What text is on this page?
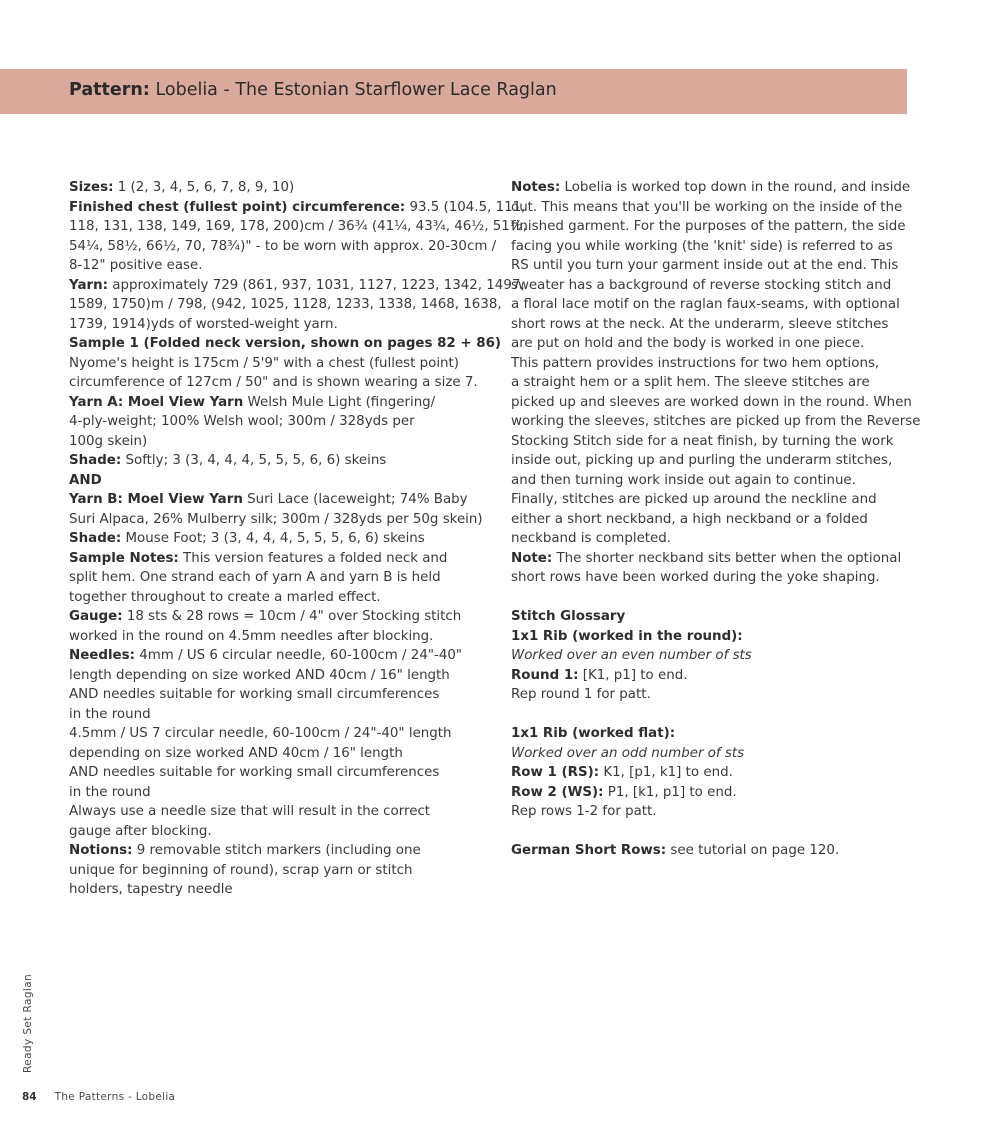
Pattern: Lobelia - The Estonian Starflower Lace Raglan
Sizes: 1 (2, 3, 4, 5, 6, 7, 8, 9, 10)
Finished chest (fullest point) circumference: 93.5 (104.5, 111,
118, 131, 138, 149, 169, 178, 200)cm / 36¾ (41¼, 43¾, 46½, 51½,
54¼, 58½, 66½, 70, 78¾)" - to be worn with approx. 20-30cm /
8-12" positive ease.
Yarn: approximately 729 (861, 937, 1031, 1127, 1223, 1342, 1497,
1589, 1750)m / 798, (942, 1025, 1128, 1233, 1338, 1468, 1638,
1739, 1914)yds of worsted-weight yarn.
Sample 1 (Folded neck version, shown on pages 82 + 86)
Nyome's height is 175cm / 5'9" with a chest (fullest point)
circumference of 127cm / 50" and is shown wearing a size 7.
Yarn A: Moel View Yarn Welsh Mule Light (fingering/
4-ply-weight; 100% Welsh wool; 300m / 328yds per
100g skein)
Shade: Softly; 3 (3, 4, 4, 4, 5, 5, 5, 6, 6) skeins
AND
Yarn B: Moel View Yarn Suri Lace (laceweight; 74% Baby
Suri Alpaca, 26% Mulberry silk; 300m / 328yds per 50g skein)
Shade: Mouse Foot; 3 (3, 4, 4, 4, 5, 5, 5, 6, 6) skeins
Sample Notes: This version features a folded neck and
split hem. One strand each of yarn A and yarn B is held
together throughout to create a marled effect.
Gauge: 18 sts & 28 rows = 10cm / 4" over Stocking stitch
worked in the round on 4.5mm needles after blocking.
Needles: 4mm / US 6 circular needle, 60-100cm / 24"-40"
length depending on size worked AND 40cm / 16" length
AND needles suitable for working small circumferences
in the round
4.5mm / US 7 circular needle, 60-100cm / 24"-40" length
depending on size worked AND 40cm / 16" length
AND needles suitable for working small circumferences
in the round
Always use a needle size that will result in the correct
gauge after blocking.
Notions: 9 removable stitch markers (including one
unique for beginning of round), scrap yarn or stitch
holders, tapestry needle
Notes: Lobelia is worked top down in the round, and inside
out. This means that you'll be working on the inside of the
finished garment. For the purposes of the pattern, the side
facing you while working (the 'knit' side) is referred to as
RS until you turn your garment inside out at the end. This
sweater has a background of reverse stocking stitch and
a floral lace motif on the raglan faux-seams, with optional
short rows at the neck. At the underarm, sleeve stitches
are put on hold and the body is worked in one piece.
This pattern provides instructions for two hem options,
a straight hem or a split hem. The sleeve stitches are
picked up and sleeves are worked down in the round. When
working the sleeves, stitches are picked up from the Reverse
Stocking Stitch side for a neat finish, by turning the work
inside out, picking up and purling the underarm stitches,
and then turning work inside out again to continue.
Finally, stitches are picked up around the neckline and
either a short neckband, a high neckband or a folded
neckband is completed.
Note: The shorter neckband sits better when the optional
short rows have been worked during the yoke shaping.
Stitch Glossary
1x1 Rib (worked in the round):
Worked over an even number of sts
Round 1: [K1, p1] to end.
Rep round 1 for patt.
1x1 Rib (worked flat):
Worked over an odd number of sts
Row 1 (RS): K1, [p1, k1] to end.
Row 2 (WS): P1, [k1, p1] to end.
Rep rows 1-2 for patt.
German Short Rows: see tutorial on page 120.
Ready Set Raglan
84 The Patterns - Lobelia
